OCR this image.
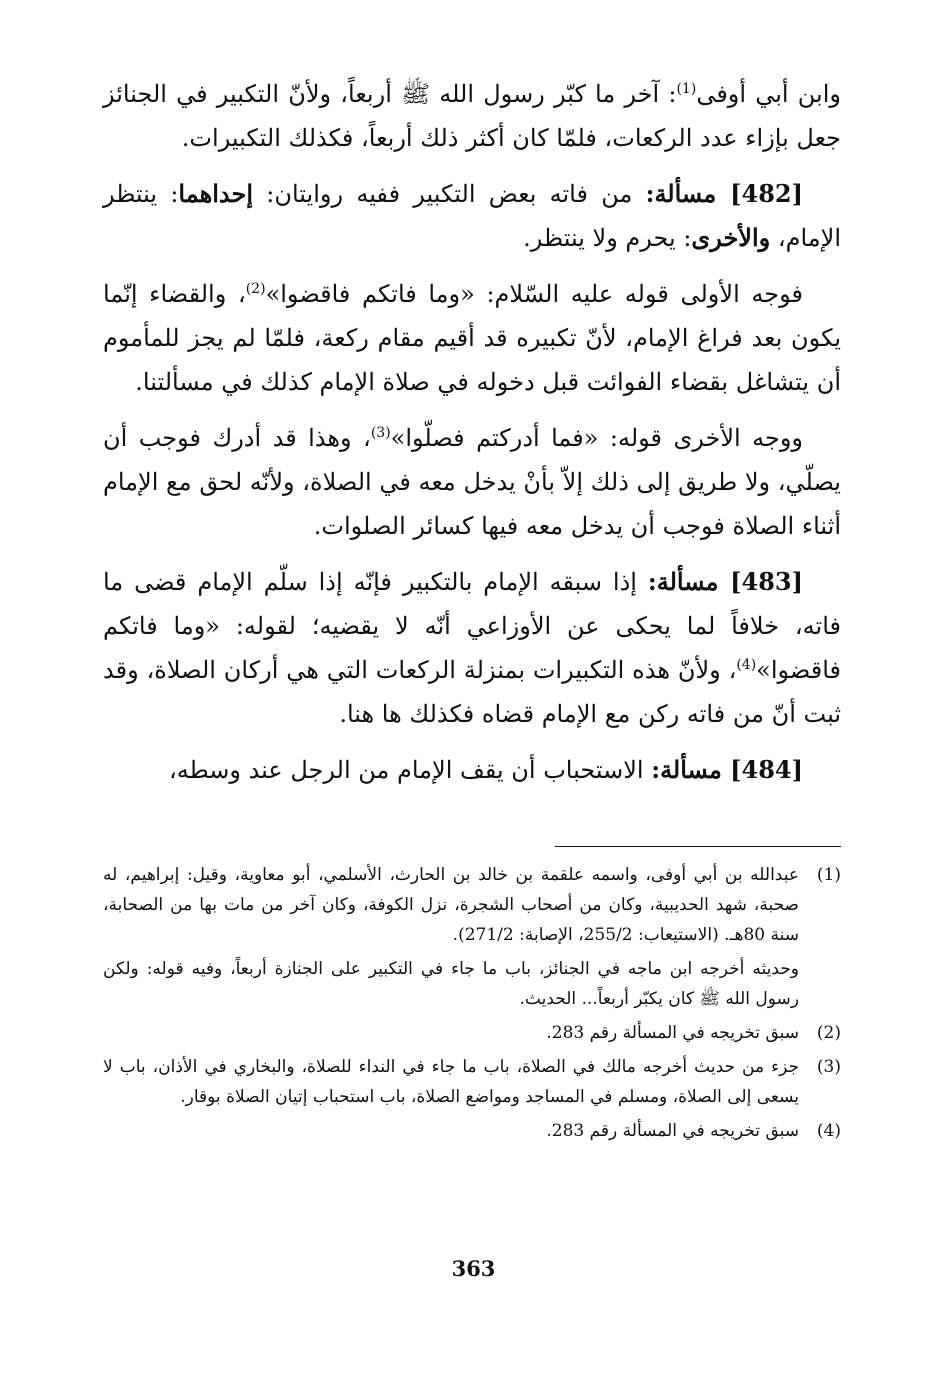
وابن أبي أوفى$^{(1)}$: آخر ما كبّر رسول الله ﷺ أربعاً، ولأنّ التكبير في الجنائز جعل بإزاء عدد الركعات، فلمّا كان أكثر ذلك أربعاً، فكذلك التكبيرات.

[482] مسألة: من فاته بعض التكبير ففيه روايتان: إحداهما: ينتظر الإمام، والأخرى: يحرم ولا ينتظر.

فوجه الأولى قوله عليه السّلام: «وما فاتكم فاقضوا»$^{(2)}$، والقضاء إنّما يكون بعد فراغ الإمام، لأنّ تكبيره قد أقيم مقام ركعة، فلمّا لم يجز للمأموم أن يتشاغل بقضاء الفوائت قبل دخوله في صلاة الإمام كذلك في مسألتنا.

ووجه الأخرى قوله: «فما أدركتم فصلّوا»$^{(3)}$، وهذا قد أدرك فوجب أن يصلّي، ولا طريق إلى ذلك إلاّ بأنْ يدخل معه في الصلاة، ولأنّه لحق مع الإمام أثناء الصلاة فوجب أن يدخل معه فيها كسائر الصلوات.

[483] مسألة: إذا سبقه الإمام بالتكبير فإنّه إذا سلّم الإمام قضى ما فاته، خلافاً لما يحكى عن الأوزاعي أنّه لا يقضيه؛ لقوله: «وما فاتكم فاقضوا»$^{(4)}$، ولأنّ هذه التكبيرات بمنزلة الركعات التي هي أركان الصلاة، وقد ثبت أنّ من فاته ركن مع الإمام قضاه فكذلك ها هنا.

[484] مسألة: الاستحباب أن يقف الإمام من الرجل عند وسطه،

(1)
عبدالله بن أبي أوفى، واسمه علقمة بن خالد بن الحارث، الأسلمي، أبو معاوية، وقيل: إبراهيم، له صحبة، شهد الحديبية، وكان من أصحاب الشجرة، نزل الكوفة، وكان آخر من مات بها من الصحابة، سنة 80هـ. (الاستيعاب: 255/2، الإصابة: 271/2).
وحديثه أخرجه ابن ماجه في الجنائز، باب ما جاء في التكبير على الجنازة أربعاً، وفيه قوله: ولكن رسول الله ﷺ كان يكبّر أربعاً... الحديث.
(2)
سبق تخريجه في المسألة رقم 283.
(3)
جزء من حديث أخرجه مالك في الصلاة، باب ما جاء في النداء للصلاة، والبخاري في الأذان، باب لا يسعى إلى الصلاة، ومسلم في المساجد ومواضع الصلاة، باب استحباب إتيان الصلاة بوقار.
(4)
سبق تخريجه في المسألة رقم 283.
363
